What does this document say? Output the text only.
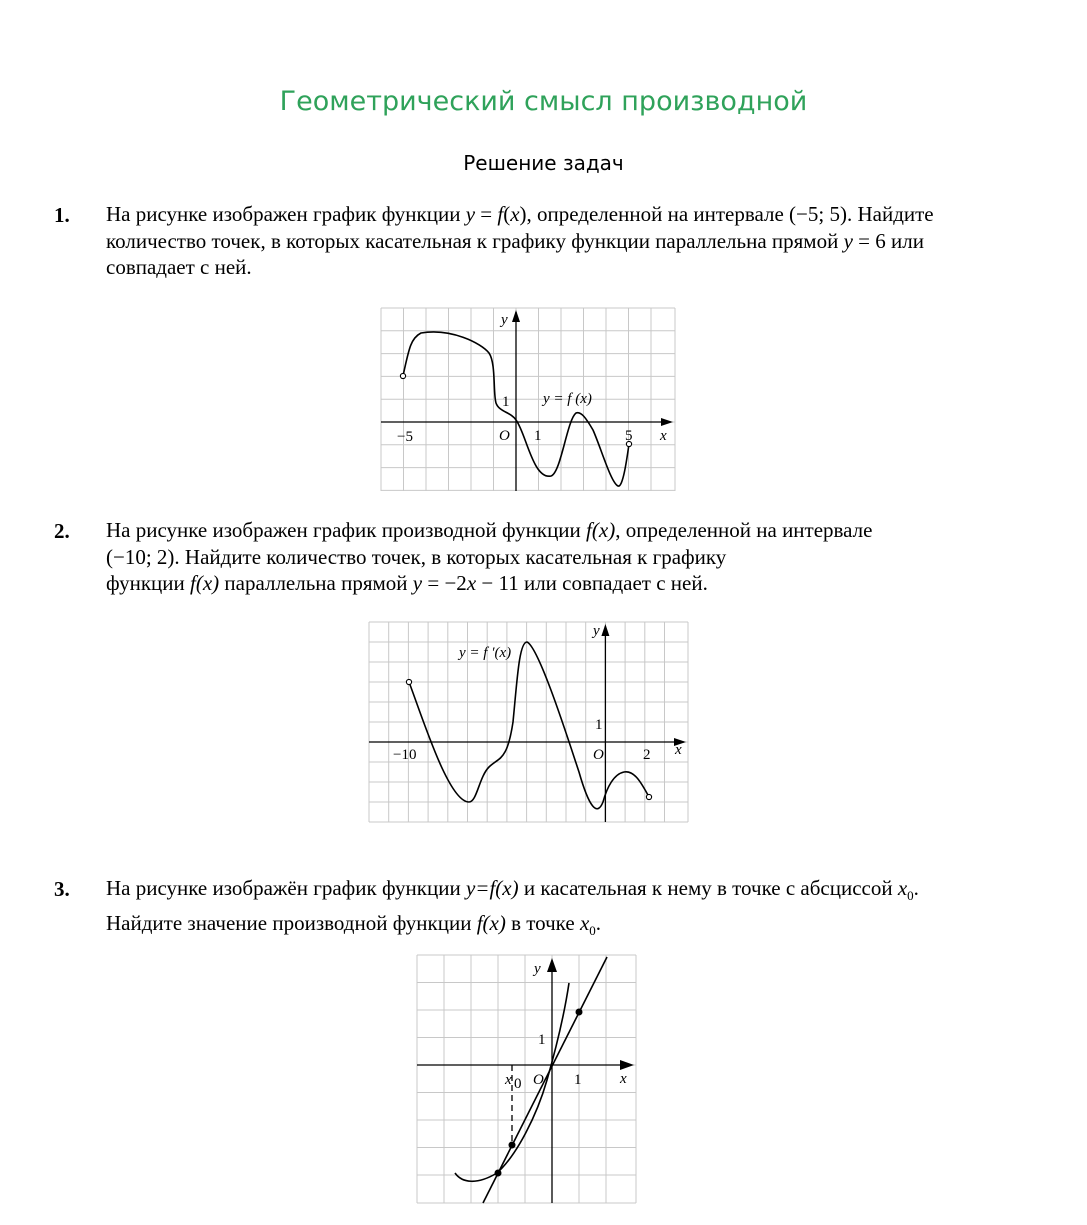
Геометрический смысл производной
Решение задач
1. На рисунке изображен график функции y = f(x), определенной на интервале (−5; 5). Найдите
количество точек, в которых касательная к графику функции параллельна прямой y = 6 или
совпадает с ней.
−5	O 1	5
1
x
y
y = f (x)
2. На рисунке изображен график производной функции f(x), определенной на интервале
(−10; 2). Найдите количество точек, в которых касательная к графику
функции f(x) параллельна прямой y = −2x − 11 или совпадает с ней.
−10	O	2
1
x
y
y = f ′(x)
3. На рисунке изображён график функции y=f(x) и касательная к нему в точке с абсциссой $x_0$.
Найдите значение производной функции f(x) в точке $x_0$.
x 0 O 1
1
x
y
